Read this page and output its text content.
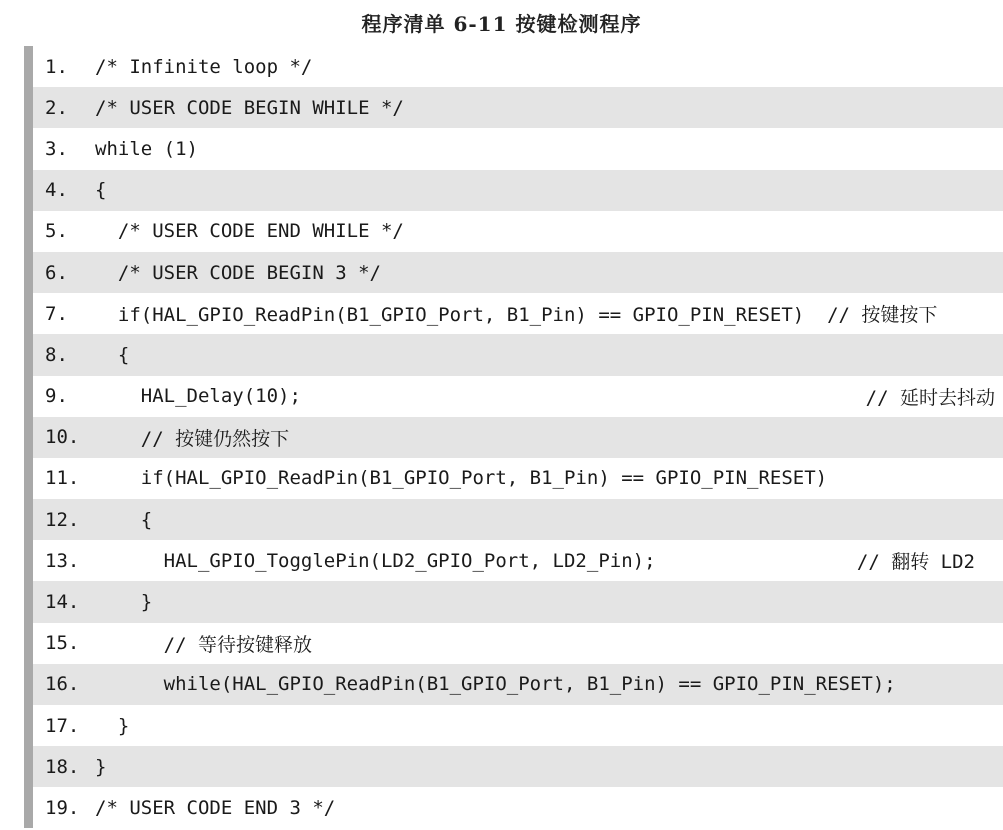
程序清单 6-11 按键检测程序
1.	/* Infinite loop */
2.	/* USER CODE BEGIN WHILE */
3.	while (1)
4.	{
5.	/* USER CODE END WHILE */
6.	/* USER CODE BEGIN 3 */
7.	if(HAL_GPIO_ReadPin(B1_GPIO_Port, B1_Pin) == GPIO_PIN_RESET)  // 按键按下
8.	{
9.	HAL_Delay(10);	// 延时去抖动
10. // 按键仍然按下
11. if(HAL_GPIO_ReadPin(B1_GPIO_Port, B1_Pin) == GPIO_PIN_RESET)
12. {
13. HAL_GPIO_TogglePin(LD2_GPIO_Port, LD2_Pin);	// 翻转 LD2
14. }
15. // 等待按键释放
16. while(HAL_GPIO_ReadPin(B1_GPIO_Port, B1_Pin) == GPIO_PIN_RESET);
17. }
18. }
19. /* USER CODE END 3 */
